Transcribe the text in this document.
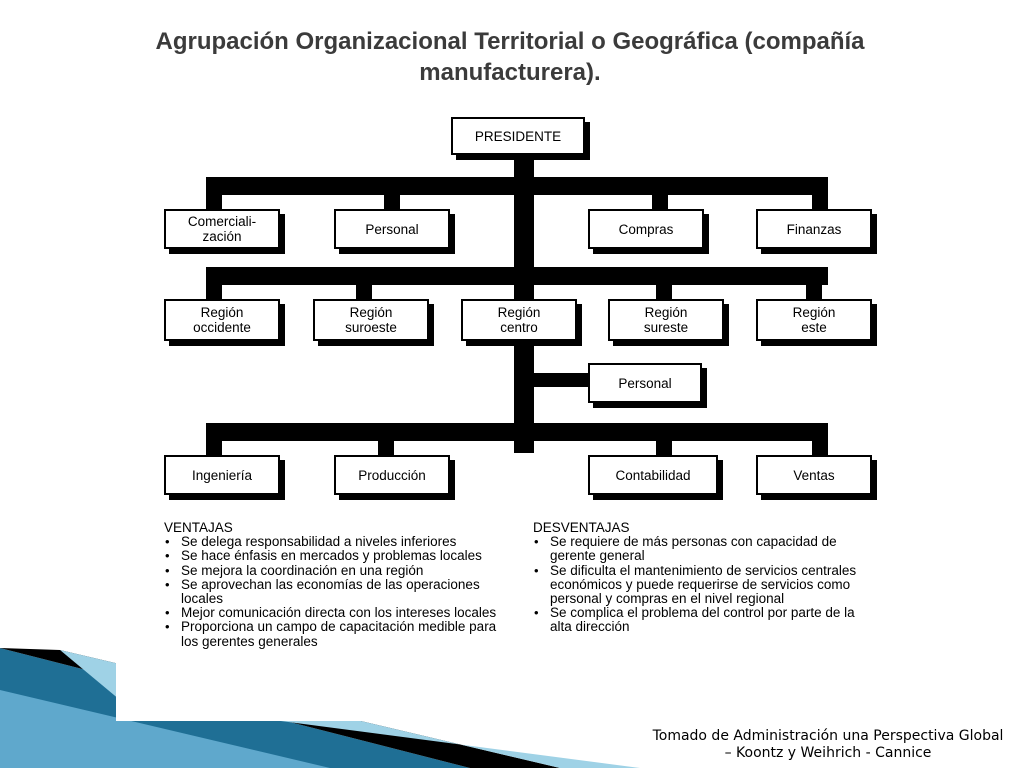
Agrupación Organizacional Territorial o Geográfica (compañía manufacturera).
PRESIDENTE
Comerciali-
zación	Personal	Compras	Finanzas
Región
occidente
Región
suroeste
Región
centro
Región
sureste
Región
este
Personal
Ingeniería	Producción	Contabilidad	Ventas

VENTAJAS

• Se delega responsabilidad a niveles inferiores
• Se hace énfasis en mercados y problemas locales
• Se mejora la coordinación en una región
• Se aprovechan las economías de las operaciones locales
• Mejor comunicación directa con los intereses locales
• Proporciona un campo de capacitación medible para los gerentes generales

DESVENTAJAS

• Se requiere de más personas con capacidad de gerente general
• Se dificulta el mantenimiento de servicios centrales económicos y puede requerirse de servicios como personal y compras en el nivel regional
• Se complica el problema del control por parte de la alta dirección
Tomado de Administración una Perspectiva Global
– Koontz y Weihrich - Cannice
